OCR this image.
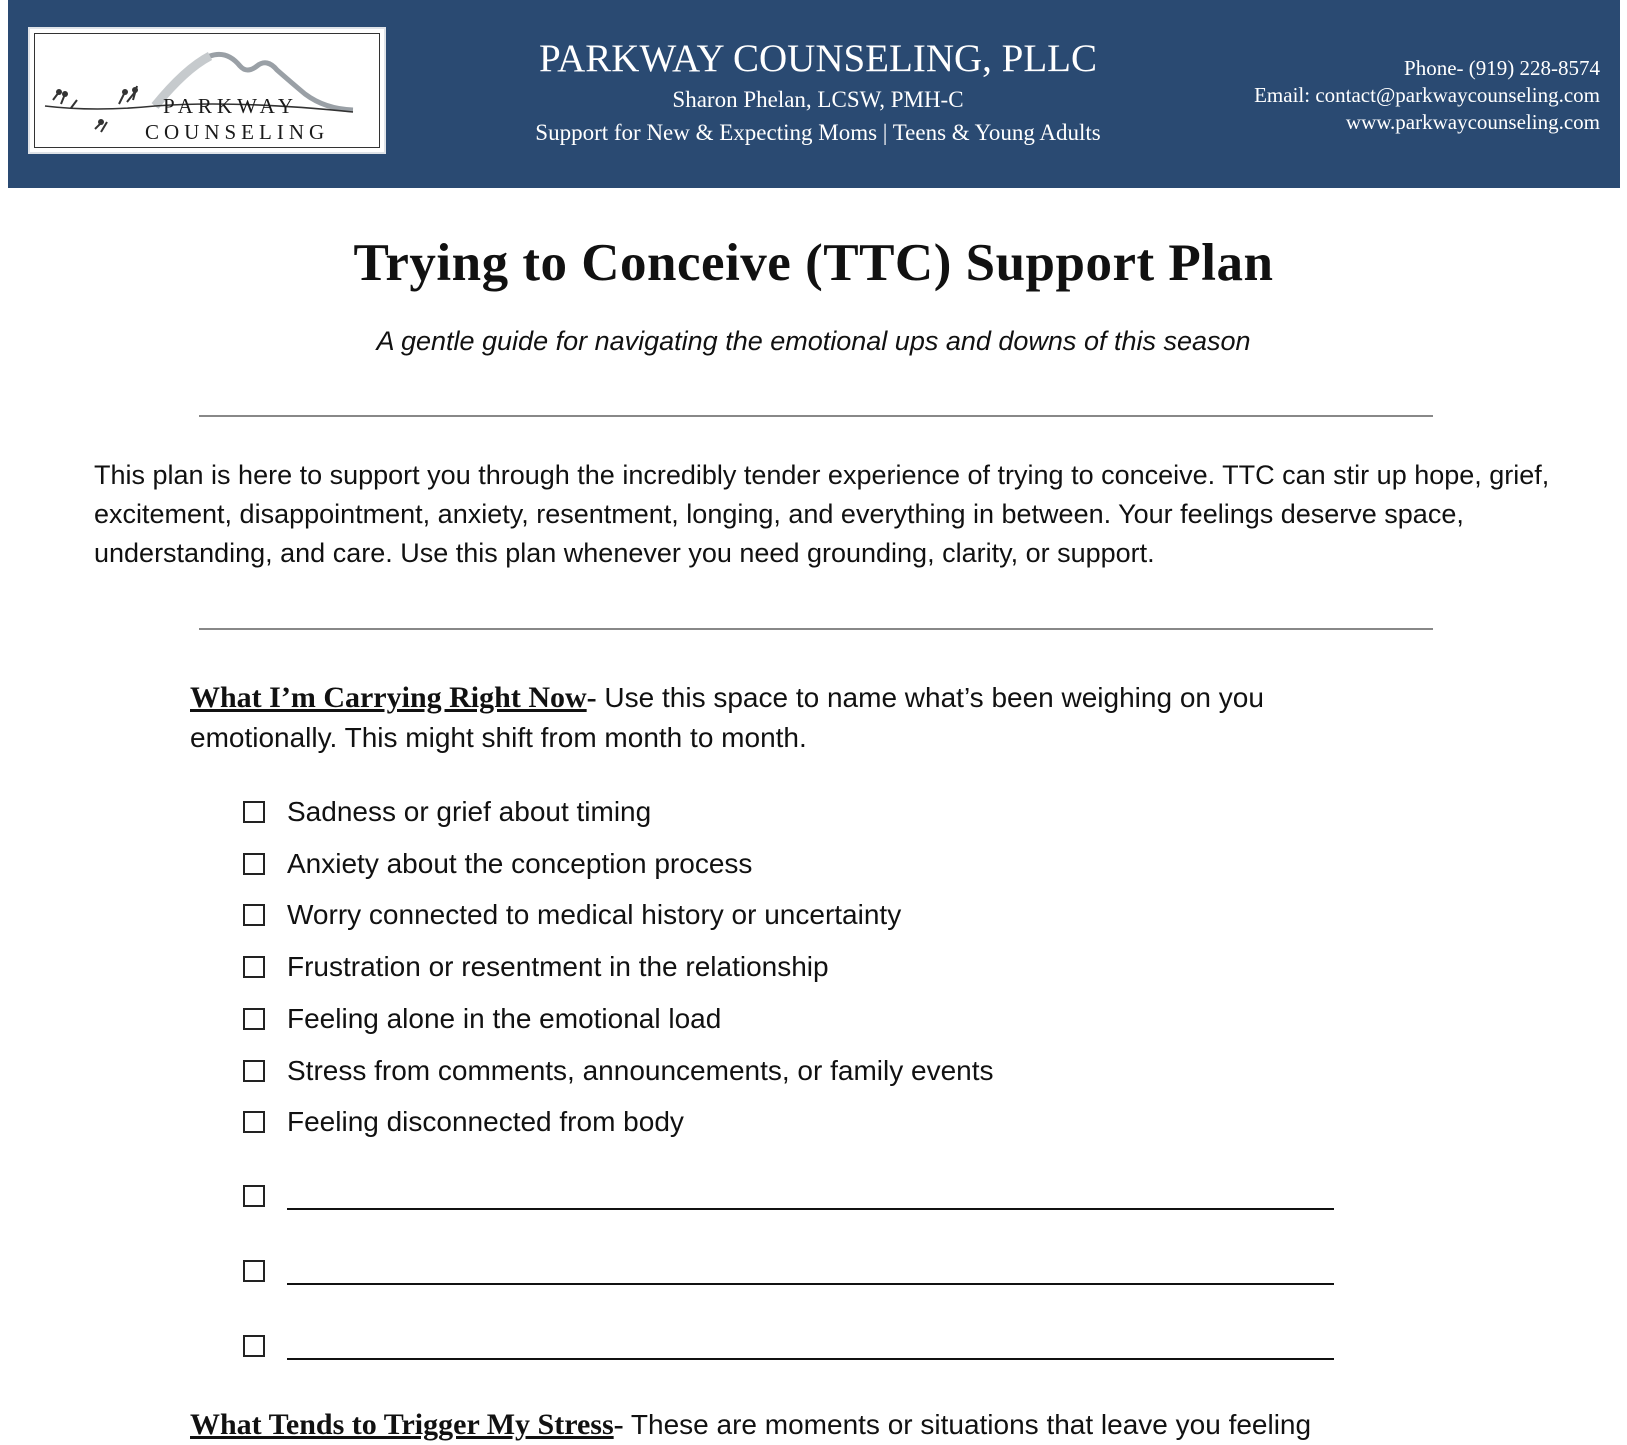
PARKWAY
COUNSELING
PARKWAY COUNSELING, PLLC
Sharon Phelan, LCSW, PMH-C
Support for New & Expecting Moms | Teens & Young Adults
Phone- (919) 228-8574
Email: contact@parkwaycounseling.com
www.parkwaycounseling.com
Trying to Conceive (TTC) Support Plan
A gentle guide for navigating the emotional ups and downs of this season
This plan is here to support you through the incredibly tender experience of trying to conceive. TTC can stir up hope, grief, excitement, disappointment, anxiety, resentment, longing, and everything in between. Your feelings deserve space, understanding, and care. Use this plan whenever you need grounding, clarity, or support.
What I’m Carrying Right Now- Use this space to name what’s been weighing on you emotionally. This might shift from month to month.
Sadness or grief about timing
Anxiety about the conception process
Worry connected to medical history or uncertainty
Frustration or resentment in the relationship
Feeling alone in the emotional load
Stress from comments, announcements, or family events
Feeling disconnected from body
What Tends to Trigger My Stress- These are moments or situations that leave you feeling
